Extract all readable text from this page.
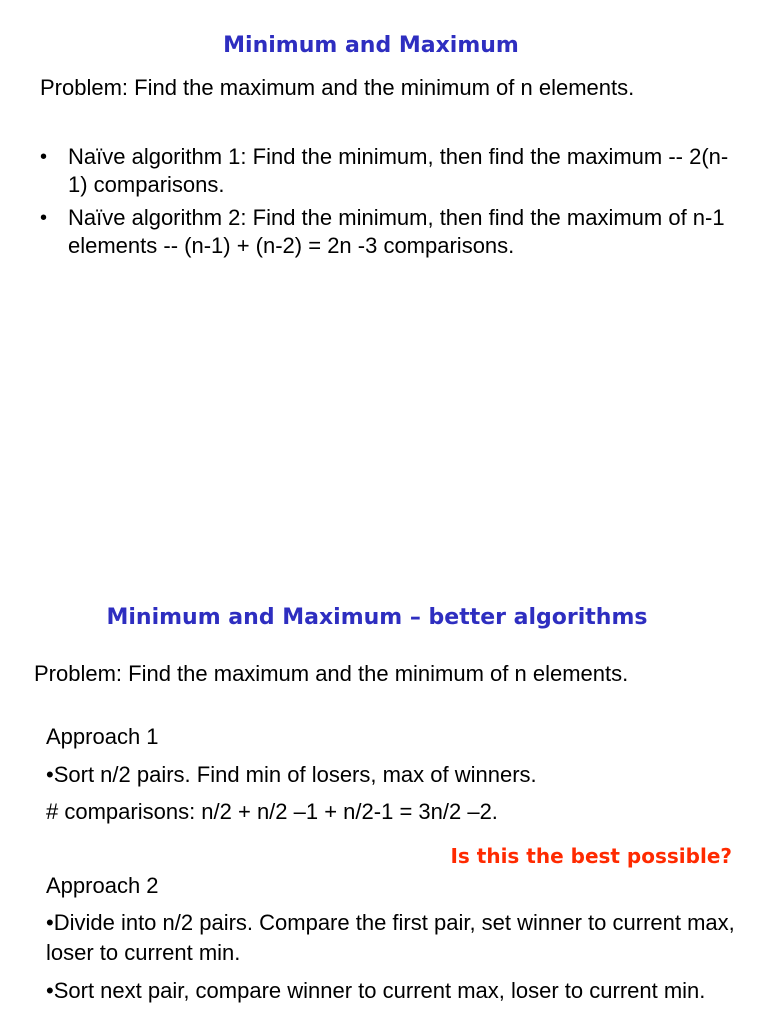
Minimum and Maximum

Problem: Find the maximum and the minimum of n elements.

• Naïve algorithm 1: Find the minimum, then find the maximum -- 2(n-1) comparisons.
• Naïve algorithm 2: Find the minimum, then find the maximum of n-1 elements -- (n-1) + (n-2) = 2n -3 comparisons.
Minimum and Maximum – better algorithms

Problem: Find the maximum and the minimum of n elements.

Approach 1

•Sort n/2 pairs. Find min of losers, max of winners.

# comparisons: n/2 + n/2 –1 + n/2-1 = 3n/2 –2.

Is this the best possible?

Approach 2

•Divide into n/2 pairs. Compare the first pair, set winner to current max, loser to current min.

•Sort next pair, compare winner to current max, loser to current min.
